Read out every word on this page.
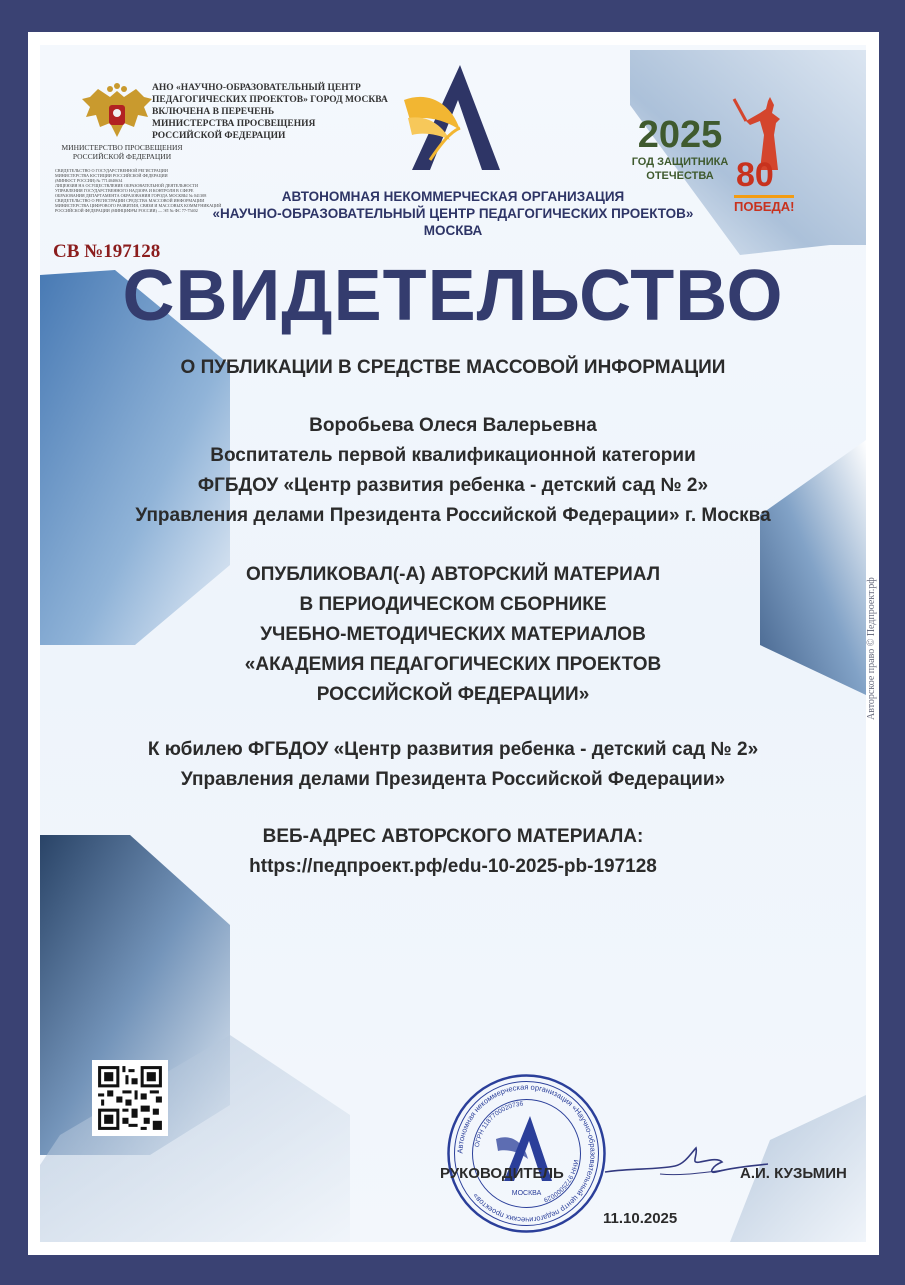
АНО «НАУЧНО-ОБРАЗОВАТЕЛЬНЫЙ ЦЕНТР
ПЕДАГОГИЧЕСКИХ ПРОЕКТОВ» ГОРОД МОСКВА
ВКЛЮЧЕНА В ПЕРЕЧЕНЬ
МИНИСТЕРСТВА ПРОСВЕЩЕНИЯ
РОССИЙСКОЙ ФЕДЕРАЦИИ
МИНИСТЕРСТВО ПРОСВЕЩЕНИЯ
РОССИЙСКОЙ ФЕДЕРАЦИИ
СВИДЕТЕЛЬСТВО О ГОСУДАРСТВЕННОЙ РЕГИСТРАЦИИ
МИНИСТЕРСТВА ЮСТИЦИИ РОССИЙСКОЙ ФЕДЕРАЦИИ
(МИНЮСТ РОССИИ) № 7714040634
ЛИЦЕНЗИЯ НА ОСУЩЕСТВЛЕНИЕ ОБРАЗОВАТЕЛЬНОЙ ДЕЯТЕЛЬНОСТИ
УПРАВЛЕНИЯ ГОСУДАРСТВЕННОГО НАДЗОРА И КОНТРОЛЯ В СФЕРЕ
ОБРАЗОВАНИЯ ДЕПАРТАМЕНТА ОБРАЗОВАНИЯ ГОРОДА МОСКВЫ № 041308
СВИДЕТЕЛЬСТВО О РЕГИСТРАЦИИ СРЕДСТВА МАССОВОЙ ИНФОРМАЦИИ
МИНИСТЕРСТВА ЦИФРОВОГО РАЗВИТИЯ, СВЯЗИ И МАССОВЫХ КОММУНИКАЦИЙ
РОССИЙСКОЙ ФЕДЕРАЦИИ (МИНЦИФРЫ РОССИИ) — ЭЛ № ФС 77-75402
АВТОНОМНАЯ НЕКОММЕРЧЕСКАЯ ОРГАНИЗАЦИЯ
«НАУЧНО-ОБРАЗОВАТЕЛЬНЫЙ ЦЕНТР ПЕДАГОГИЧЕСКИХ ПРОЕКТОВ»
МОСКВА
2025
ГОД ЗАЩИТНИКА
ОТЕЧЕСТВА 80
ПОБЕДА!
СВ №197128
СВИДЕТЕЛЬСТВО
О ПУБЛИКАЦИИ В СРЕДСТВЕ МАССОВОЙ ИНФОРМАЦИИ
Воробьева Олеся Валерьевна
Воспитатель первой квалификационной категории
ФГБДОУ «Центр развития ребенка - детский сад № 2»
Управления делами Президента Российской Федерации» г. Москва
ОПУБЛИКОВАЛ(-А) АВТОРСКИЙ МАТЕРИАЛ
В ПЕРИОДИЧЕСКОМ СБОРНИКЕ
УЧЕБНО-МЕТОДИЧЕСКИХ МАТЕРИАЛОВ
«АКАДЕМИЯ ПЕДАГОГИЧЕСКИХ ПРОЕКТОВ
РОССИЙСКОЙ ФЕДЕРАЦИИ»
К юбилею ФГБДОУ «Центр развития ребенка - детский сад № 2»
Управления делами Президента Российской Федерации»
ВЕБ-АДРЕС АВТОРСКОГО МАТЕРИАЛА:
https://педпроект.рф/edu-10-2025-pb-197128
Автономная некоммерческая организация «Научно-образовательный центр педагогических проектов»
ОГРН 1187700020736
ИНН 9725000029
МОСКВА
РУКОВОДИТЕЛЬ	А.И. КУЗЬМИН
11.10.2025
Авторское право © Педпроект.рф
